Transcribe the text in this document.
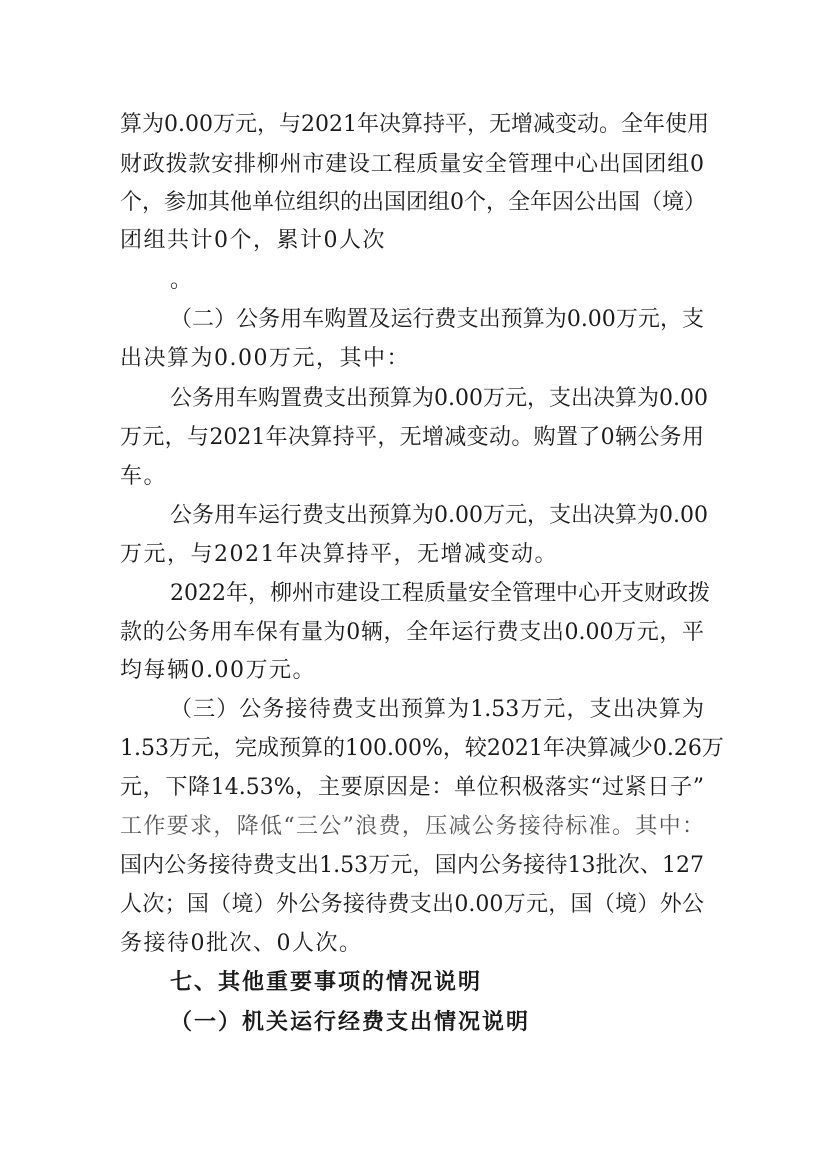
算为0.00万元，与2021年决算持平，无增减变动。全年使用
财政拨款安排柳州市建设工程质量安全管理中心出国团组0
个，参加其他单位组织的出国团组0个，全年因公出国（境）
团组共计0个，累计0人次
。
（二）公务用车购置及运行费支出预算为0.00万元，支
出决算为0.00万元，其中：
公务用车购置费支出预算为0.00万元，支出决算为0.00
万元，与2021年决算持平，无增减变动。购置了0辆公务用
车。
公务用车运行费支出预算为0.00万元，支出决算为0.00
万元，与2021年决算持平，无增减变动。
2022年，柳州市建设工程质量安全管理中心开支财政拨
款的公务用车保有量为0辆，全年运行费支出0.00万元，平
均每辆0.00万元。
（三）公务接待费支出预算为1.53万元，支出决算为
1.53万元，完成预算的100.00%，较2021年决算减少0.26万
元，下降14.53%，主要原因是：单位积极落实“过紧日子”
工作要求，降低“三公”浪费，压减公务接待标准。其中：
国内公务接待费支出1.53万元，国内公务接待13批次、127
人次；国（境）外公务接待费支出0.00万元，国（境）外公
务接待0批次、0人次。
七、其他重要事项的情况说明
（一）机关运行经费支出情况说明
